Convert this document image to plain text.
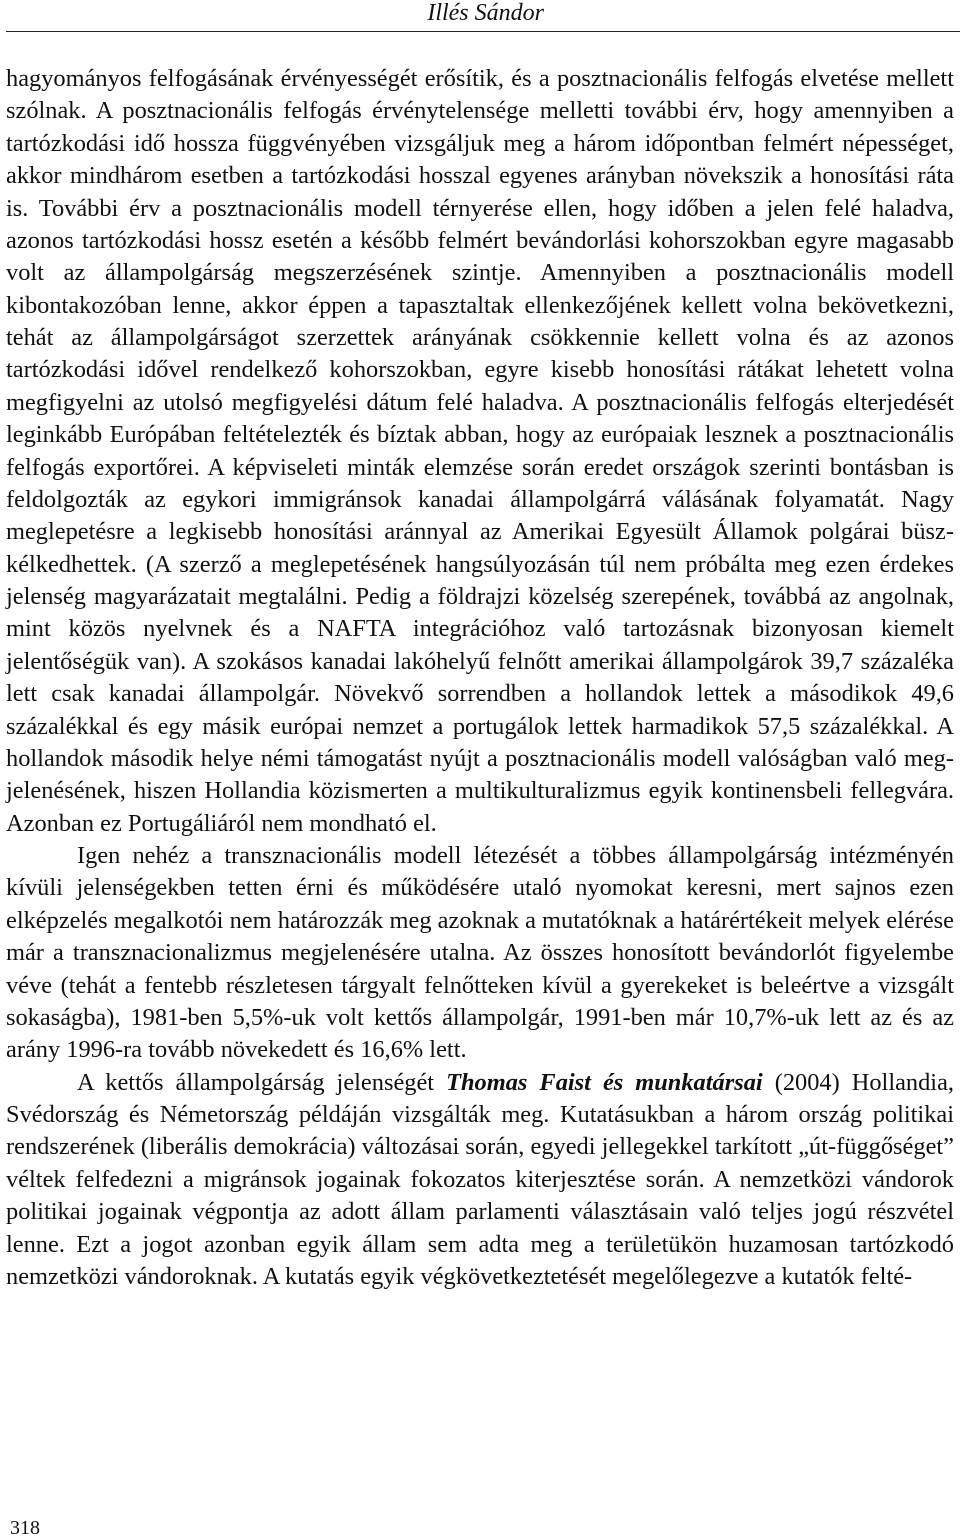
Illés Sándor

hagyományos felfogásának érvényességét erősítik, és a posztnacionális felfogás elvetése mellett szólnak. A posztnacionális felfogás érvénytelensége melletti további érv, hogy amennyiben a tartózkodási idő hossza függvényében vizsgáljuk meg a három időpontban felmért népességet, akkor mindhárom esetben a tartózkodási hosszal egyenes arányban növekszik a honosítási ráta is. További érv a posztnacionális modell térnyerése ellen, hogy időben a jelen felé haladva, azonos tartózkodási hossz esetén a később felmért bevándorlási kohorszokban egyre magasabb volt az állampolgárság megszerzésének szintje. Amennyiben a posztnacionális modell kibontakozóban lenne, akkor éppen a tapasztaltak ellenkezőjének kellett volna bekövetkezni, tehát az állampolgárságot szerzettek arányának csökkennie kellett volna és az azonos tartózkodási idővel rendelkező kohorszokban, egyre kisebb honosítási rátákat lehetett volna megfigyelni az utolsó megfigyelési dátum felé haladva. A posztnacionális felfogás elterjedését leginkább Európában feltételezték és bíztak abban, hogy az európaiak lesznek a posztnacionális felfogás exportőrei. A képviseleti minták elemzése során eredet országok szerinti bontásban is feldolgozták az egykori immigránsok kanadai állampolgárrá válásának folyamatát. Nagy meglepetésre a legkisebb honosítási aránnyal az Amerikai Egyesült Államok polgárai büszkélkedhettek. (A szerző a meglepetésének hangsúlyozásán túl nem próbálta meg ezen érdekes jelenség magyarázatait megtalálni. Pedig a földrajzi közelség szerepének, továbbá az angolnak, mint közös nyelvnek és a NAFTA integrációhoz való tartozásnak bizonyosan kiemelt jelentőségük van). A szokásos kanadai lakóhelyű felnőtt amerikai állampolgárok 39,7 százaléka lett csak kanadai állampolgár. Növekvő sorrendben a hollandok lettek a másodikok 49,6 százalékkal és egy másik európai nemzet a portugálok lettek harmadikok 57,5 százalékkal. A hollandok második helye némi támogatást nyújt a posztnacionális modell valóságban való megjelenésének, hiszen Hollandia közismerten a multikulturalizmus egyik kontinensbeli fellegvára. Azonban ez Portugáliáról nem mondható el.

Igen nehéz a transznacionális modell létezését a többes állampolgárság intézményén kívüli jelenségekben tetten érni és működésére utaló nyomokat keresni, mert sajnos ezen elképzelés megalkotói nem határozzák meg azoknak a mutatóknak a határértékeit melyek elérése már a transznacionalizmus megjelenésére utalna. Az összes honosított bevándorlót figyelembe véve (tehát a fentebb részletesen tárgyalt felnőtteken kívül a gyerekeket is beleértve a vizsgált sokaságba), 1981-ben 5,5%-uk volt kettős állampolgár, 1991-ben már 10,7%-uk lett az és az arány 1996-ra tovább növekedett és 16,6% lett.

A kettős állampolgárság jelenségét Thomas Faist és munkatársai (2004) Hollandia, Svédország és Németország példáján vizsgálták meg. Kutatásukban a három ország politikai rendszerének (liberális demokrácia) változásai során, egyedi jellegekkel tarkított „út-függőséget” véltek felfedezni a migránsok jogainak fokozatos kiterjesztése során. A nemzetközi vándorok politikai jogainak végpontja az adott állam parlamenti választásain való teljes jogú részvétel lenne. Ezt a jogot azonban egyik állam sem adta meg a területükön huzamosan tartózkodó nemzetközi vándoroknak. A kutatás egyik végkövetkeztetését megelőlegezve a kutatók felté-

318
